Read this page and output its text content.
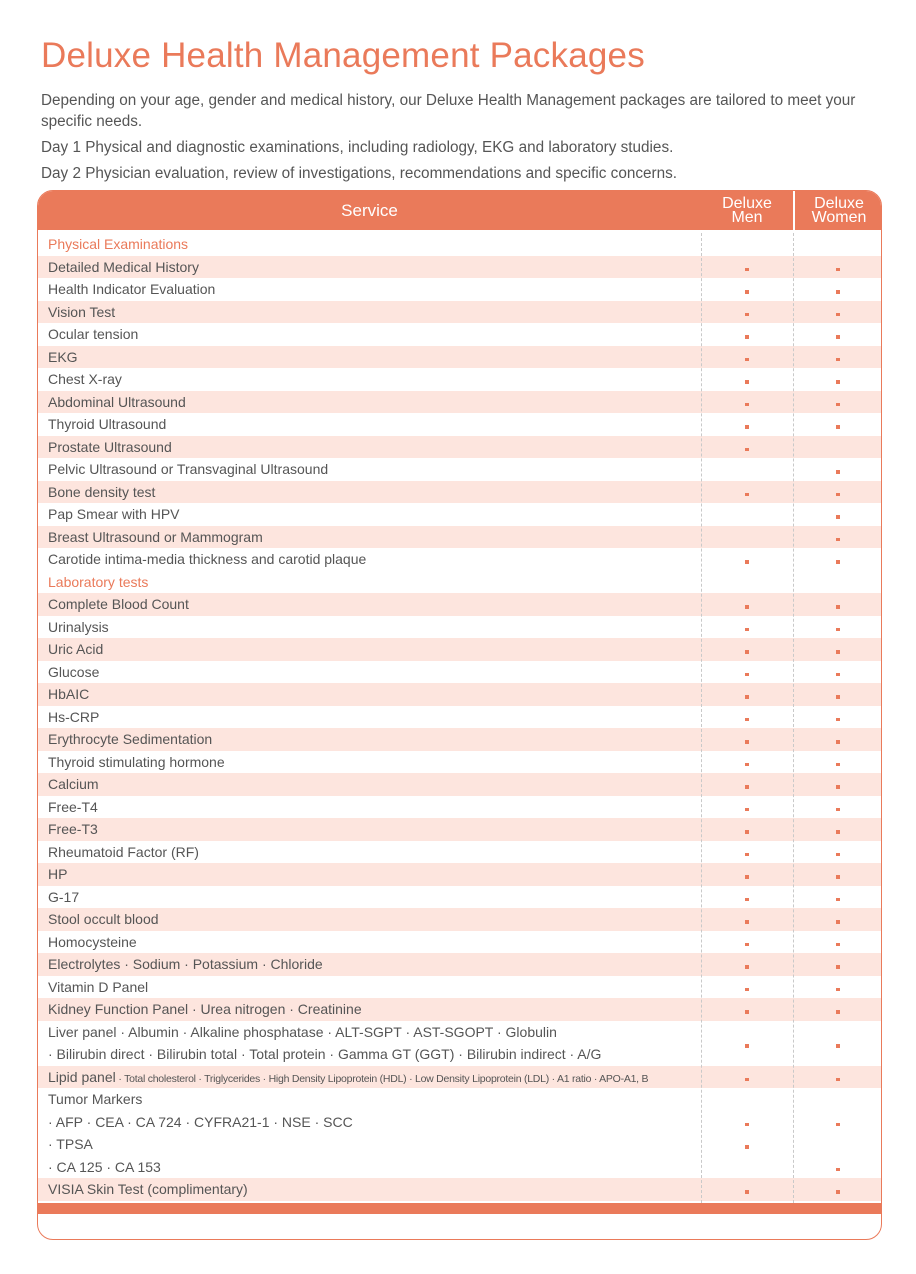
Deluxe Health Management Packages

Depending on your age, gender and medical history, our Deluxe Health Management packages are tailored to meet your specific needs.

Day 1 Physical and diagnostic examinations, including radiology, EKG and laboratory studies.

Day 2 Physician evaluation, review of investigations, recommendations and specific concerns.

Service	Deluxe
Men
Deluxe
Women
Physical Examinations
Detailed Medical History
Health Indicator Evaluation
Vision Test
Ocular tension
EKG
Chest X-ray
Abdominal Ultrasound
Thyroid Ultrasound
Prostate Ultrasound
Pelvic Ultrasound or Transvaginal Ultrasound
Bone density test
Pap Smear with HPV
Breast Ultrasound or Mammogram
Carotide intima-media thickness and carotid plaque
Laboratory tests
Complete Blood Count
Urinalysis
Uric Acid
Glucose
HbAIC
Hs-CRP
Erythrocyte Sedimentation
Thyroid stimulating hormone
Calcium
Free-T4
Free-T3
Rheumatoid Factor (RF)
HP
G-17
Stool occult blood
Homocysteine
Electrolytes · Sodium · Potassium · Chloride
Vitamin D Panel
Kidney Function Panel · Urea nitrogen · Creatinine
Liver panel · Albumin · Alkaline phosphatase · ALT-SGPT · AST-SGOPT · Globulin
· Bilirubin direct · Bilirubin total · Total protein · Gamma GT (GGT) · Bilirubin indirect · A/G
Lipid panel · Total cholesterol · Triglycerides · High Density Lipoprotein (HDL) · Low Density Lipoprotein (LDL) · A1 ratio · APO-A1, B
Tumor Markers
· AFP · CEA · CA 724 · CYFRA21-1 · NSE · SCC
· TPSA
· CA 125 · CA 153
VISIA Skin Test (complimentary)
